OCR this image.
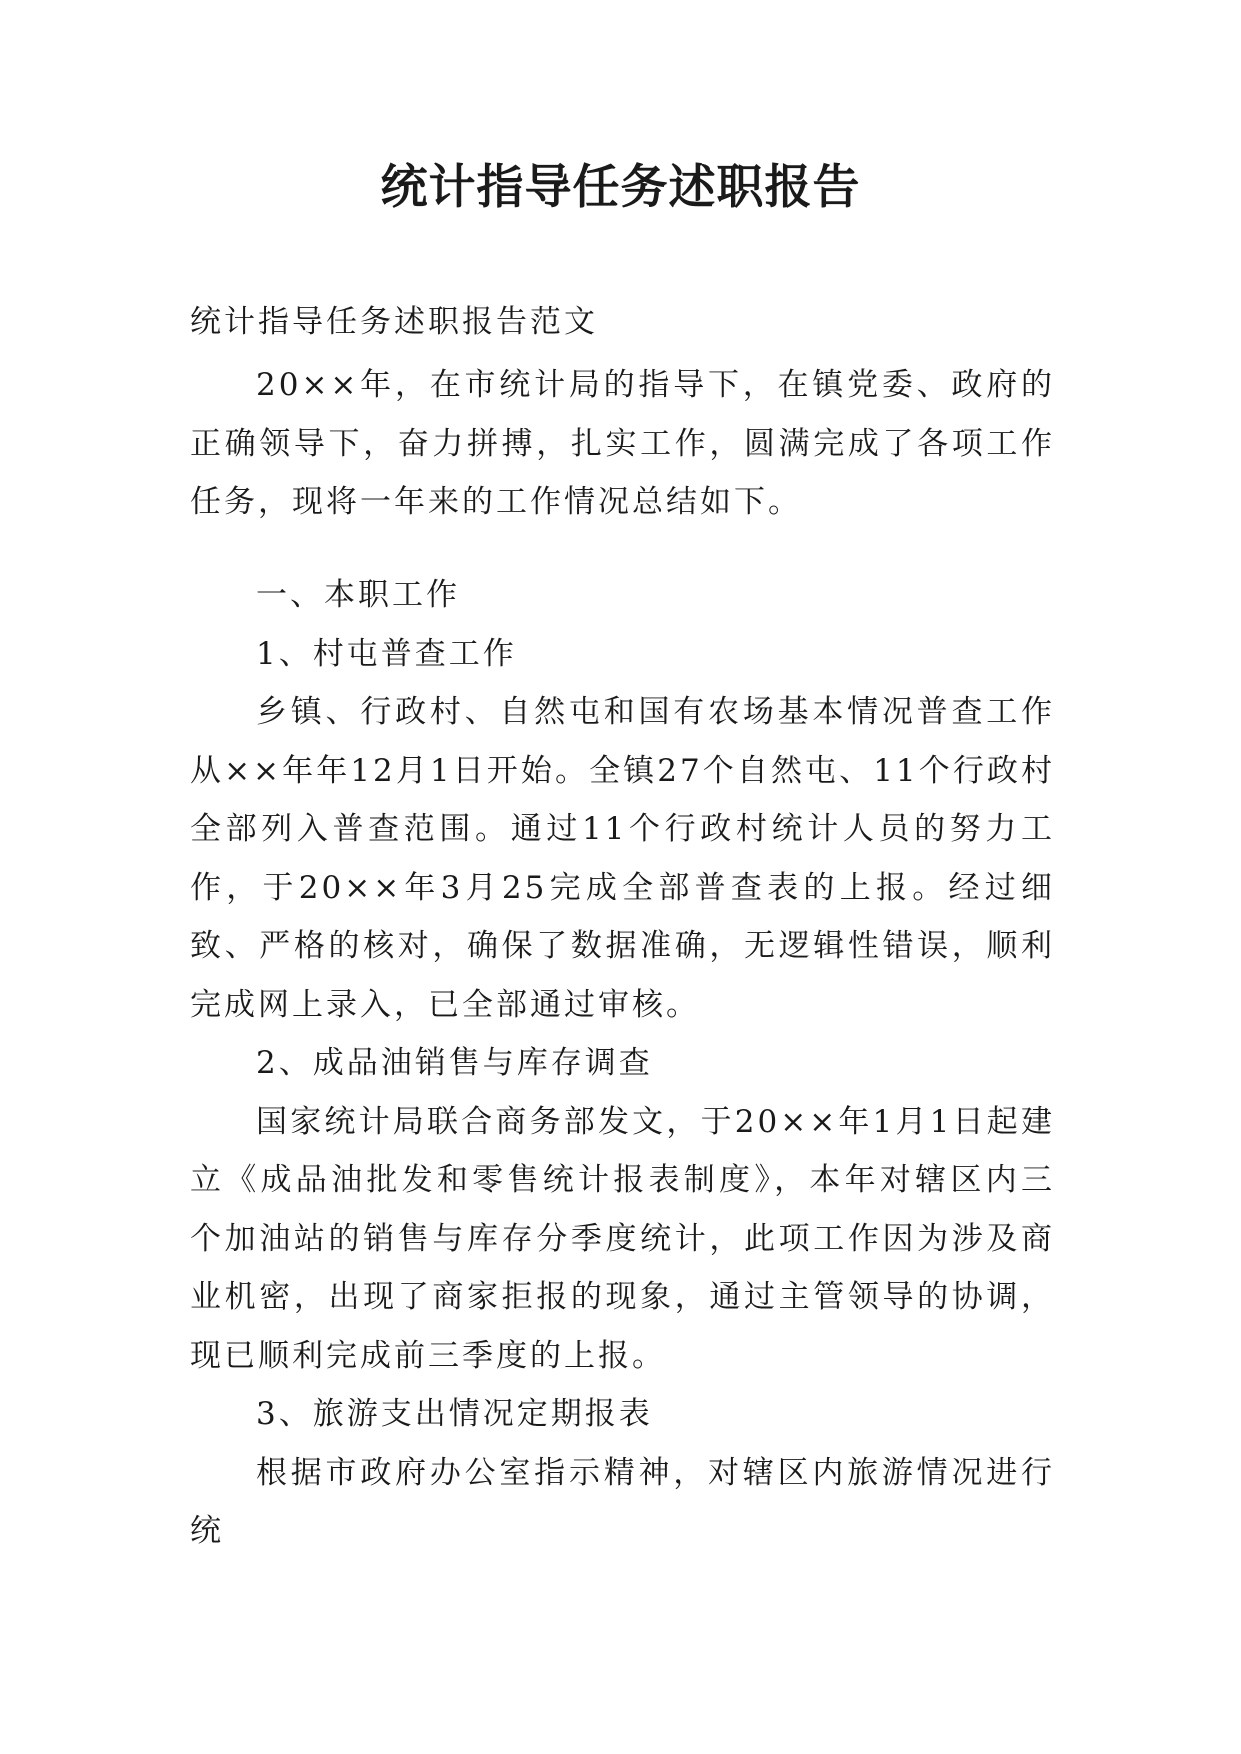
统计指导任务述职报告

统计指导任务述职报告范文

20××年，在市统计局的指导下，在镇党委、政府的正确领导下，奋力拼搏，扎实工作，圆满完成了各项工作任务，现将一年来的工作情况总结如下。

一、本职工作

1、村屯普查工作

乡镇、行政村、自然屯和国有农场基本情况普查工作从××年年12月1日开始。全镇27个自然屯、11个行政村全部列入普查范围。通过11个行政村统计人员的努力工作，于20××年3月25完成全部普查表的上报。经过细致、严格的核对，确保了数据准确，无逻辑性错误，顺利完成网上录入，已全部通过审核。

2、成品油销售与库存调查

国家统计局联合商务部发文，于20××年1月1日起建立《成品油批发和零售统计报表制度》，本年对辖区内三个加油站的销售与库存分季度统计，此项工作因为涉及商业机密，出现了商家拒报的现象，通过主管领导的协调，现已顺利完成前三季度的上报。

3、旅游支出情况定期报表

根据市政府办公室指示精神，对辖区内旅游情况进行统
